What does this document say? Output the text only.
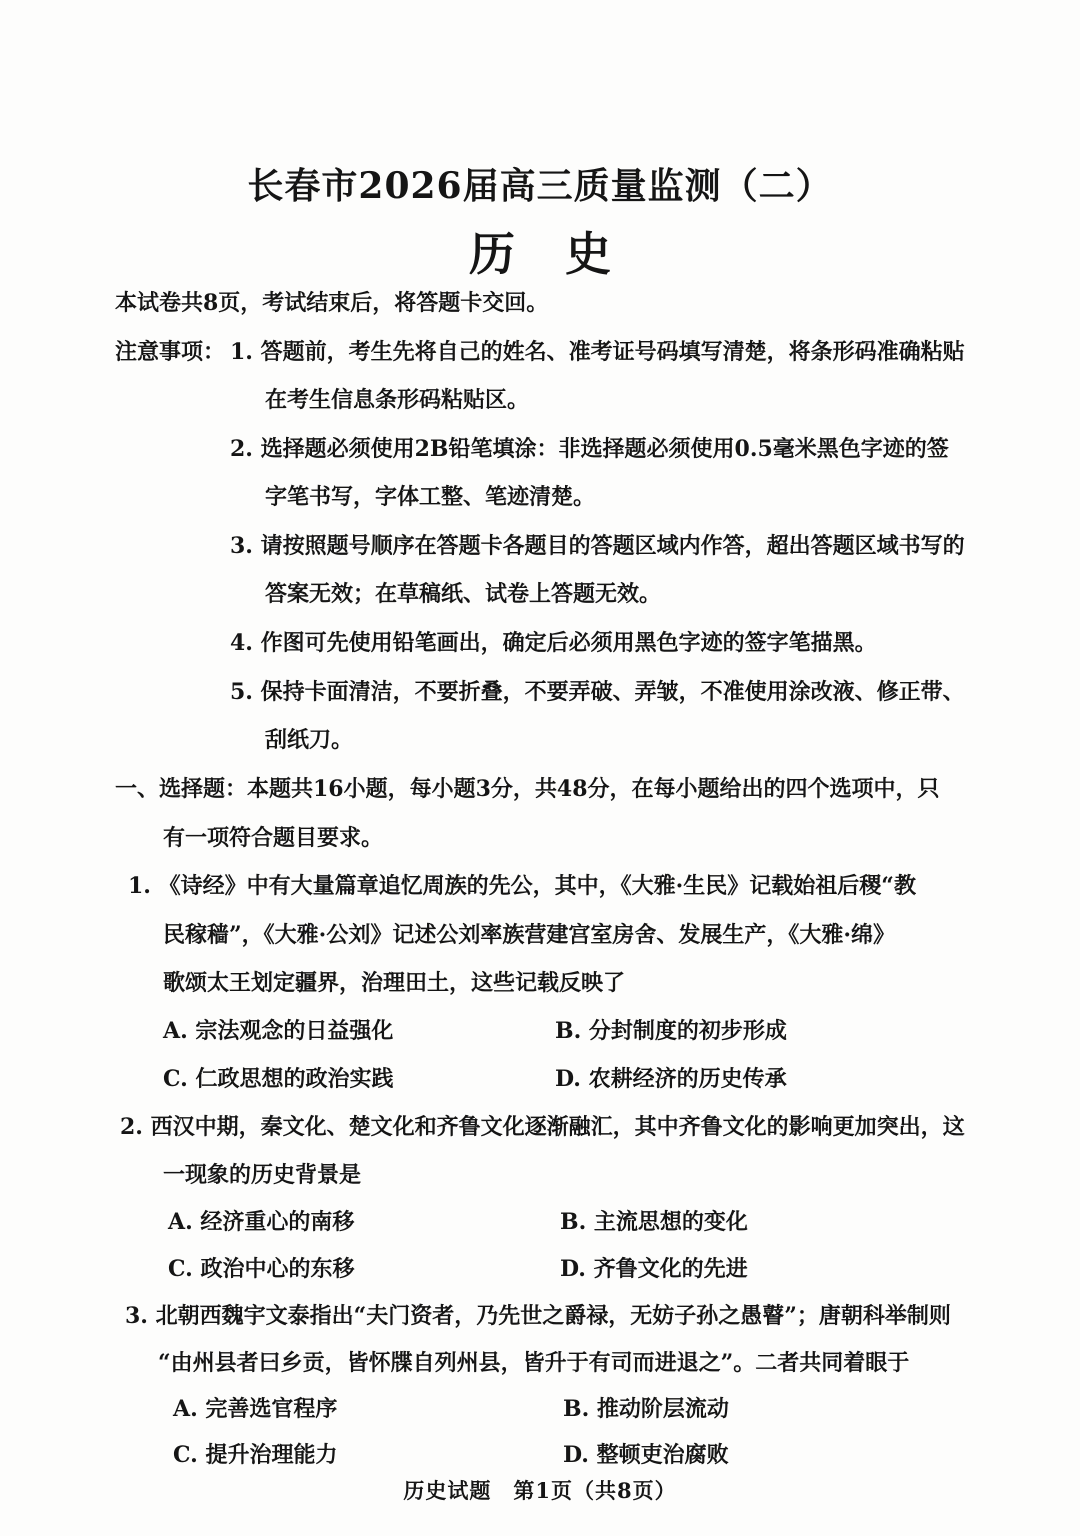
长春市2026届高三质量监测（二）
历史
本试卷共8页，考试结束后，将答题卡交回。
注意事项： 1. 答题前，考生先将自己的姓名、准考证号码填写清楚，将条形码准确粘贴
在考生信息条形码粘贴区。
2. 选择题必须使用2B铅笔填涂：非选择题必须使用0.5毫米黑色字迹的签
字笔书写，字体工整、笔迹清楚。
3. 请按照题号顺序在答题卡各题目的答题区域内作答，超出答题区域书写的
答案无效；在草稿纸、试卷上答题无效。
4. 作图可先使用铅笔画出，确定后必须用黑色字迹的签字笔描黑。
5. 保持卡面清洁，不要折叠，不要弄破、弄皱，不准使用涂改液、修正带、
刮纸刀。
一、选择题：本题共16小题，每小题3分，共48分，在每小题给出的四个选项中，只
有一项符合题目要求。
1. 《诗经》中有大量篇章追忆周族的先公，其中，《大雅·生民》记载始祖后稷“教
民稼穑”，《大雅·公刘》记述公刘率族营建宫室房舍、发展生产，《大雅·绵》
歌颂太王划定疆界，治理田土，这些记载反映了
A. 宗法观念的日益强化	B. 分封制度的初步形成
C. 仁政思想的政治实践	D. 农耕经济的历史传承
2. 西汉中期，秦文化、楚文化和齐鲁文化逐渐融汇，其中齐鲁文化的影响更加突出，这
一现象的历史背景是
A. 经济重心的南移	B. 主流思想的变化
C. 政治中心的东移	D. 齐鲁文化的先进
3. 北朝西魏宇文泰指出“夫门资者，乃先世之爵禄，无妨子孙之愚瞽”；唐朝科举制则
“由州县者曰乡贡，皆怀牒自列州县，皆升于有司而进退之”。二者共同着眼于
A. 完善选官程序	B. 推动阶层流动
C. 提升治理能力	D. 整顿吏治腐败
历史试题　第1页（共8页）
